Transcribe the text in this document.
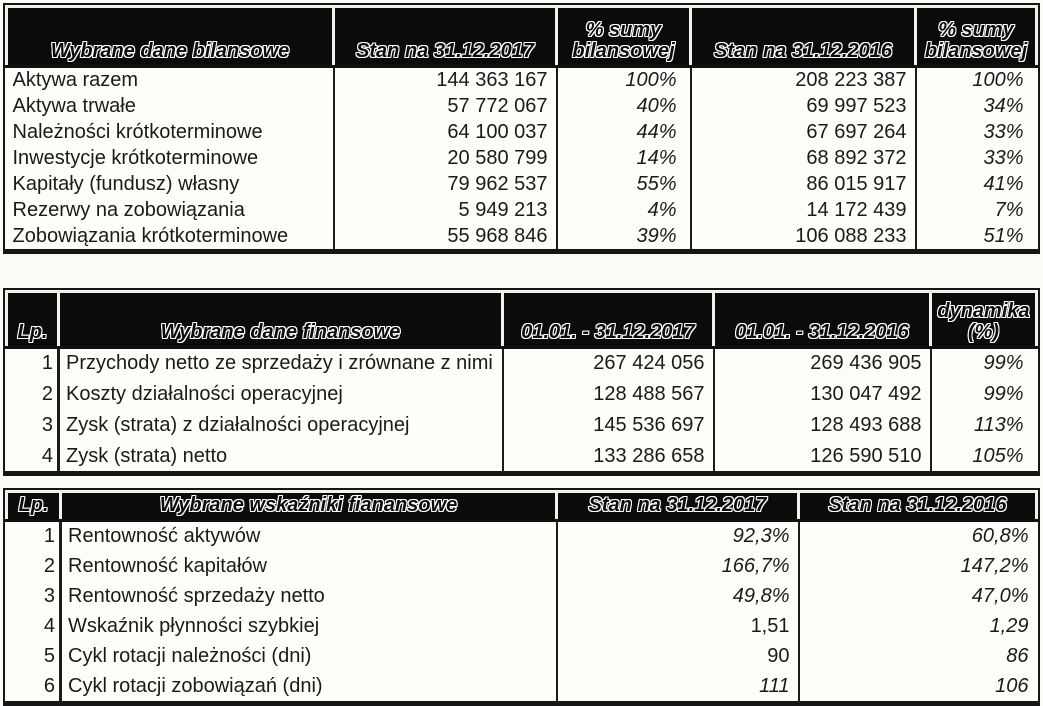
Wybrane dane bilansowe	Stan na 31.12.2017	% sumy bilansowej	Stan na 31.12.2016	% sumy bilansowej
Aktywa razem	144 363 167	100%	208 223 387	100%
Aktywa trwałe	57 772 067	40%	69 997 523	34%
Należności krótkoterminowe	64 100 037	44%	67 697 264	33%
Inwestycje krótkoterminowe	20 580 799	14%	68 892 372	33%
Kapitały (fundusz) własny	79 962 537	55%	86 015 917	41%
Rezerwy na zobowiązania	5 949 213	4%	14 172 439	7%
Zobowiązania krótkoterminowe	55 968 846	39%	106 088 233	51%
Lp.	Wybrane dane finansowe	01.01. - 31.12.2017	01.01. - 31.12.2016	dynamika (%)
1	Przychody netto ze sprzedaży i zrównane z nimi	267 424 056	269 436 905	99%
2	Koszty działalności operacyjnej	128 488 567	130 047 492	99%
3	Zysk (strata) z działalności operacyjnej	145 536 697	128 493 688	113%
4	Zysk (strata) netto	133 286 658	126 590 510	105%
Lp.	Wybrane wskaźniki fianansowe	Stan na 31.12.2017	Stan na 31.12.2016
1	Rentowność aktywów	92,3%	60,8%
2	Rentowność kapitałów	166,7%	147,2%
3	Rentowność sprzedaży netto	49,8%	47,0%
4	Wskaźnik płynności szybkiej	1,51	1,29
5	Cykl rotacji należności (dni)	90	86
6	Cykl rotacji zobowiązań (dni)	111	106
